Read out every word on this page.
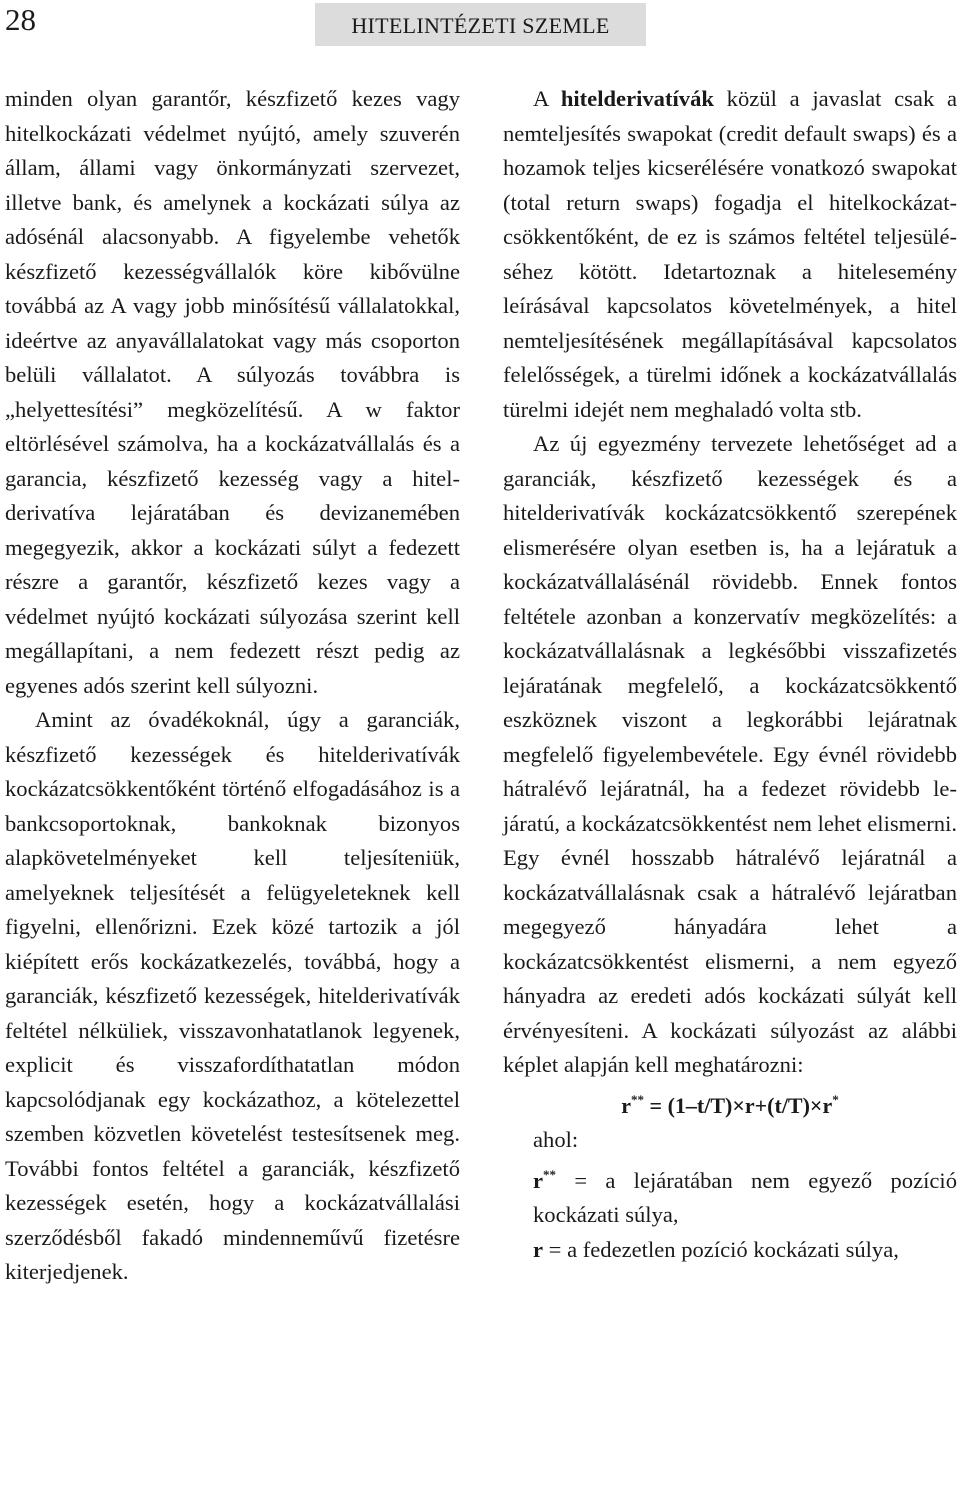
28	HITELINTÉZETI SZEMLE

minden olyan garantőr, készfizető kezes vagy hitelkockázati védelmet nyújtó, amely szuverén állam, állami vagy önkormányzati szervezet, illetve bank, és amelynek a kockázati súlya az adósénál alacsonyabb. A figyelembe vehetők készfizető kezességvállalók köre kibővülne továbbá az A vagy jobb minősítésű vállalatokkal, ideértve az anyavállalatokat vagy más csoporton belüli vállalatot. A súlyozás továbbra is „helyettesítési” megközelítésű. A w faktor eltörlésével számolva, ha a kockázatvállalás és a garancia, készfizető kezesség vagy a hitelderivatíva lejáratában és devizanemében megegyezik, akkor a kockázati súlyt a fedezett részre a garantőr, készfizető kezes vagy a védelmet nyújtó kockázati súlyozása szerint kell megállapítani, a nem fedezett részt pedig az egyenes adós szerint kell súlyozni.

Amint az óvadékoknál, úgy a garanciák, készfizető kezességek és hitelderivatívák kockázatcsökkentőként történő elfogadásához is a bankcsoportoknak, bankoknak bizonyos alapkövetelményeket kell teljesíteniük, amelyeknek teljesítését a felügyeleteknek kell figyelni, ellenőrizni. Ezek közé tartozik a jól kiépített erős kockázatkezelés, továbbá, hogy a garanciák, készfizető kezességek, hitelderivatívák feltétel nélküliek, visszavonhatatlanok legyenek, explicit és visszafordíthatatlan módon kapcsolódjanak egy kockázathoz, a kötelezettel szemben közvetlen követelést testesítsenek meg. További fontos feltétel a garanciák, készfizető kezességek esetén, hogy a kockázatvállalási szerződésből fakadó mindenneművű fizetésre kiterjedjenek.

A hitelderivatívák közül a javaslat csak a nemteljesítés swapokat (credit default swaps) és a hozamok teljes kicserélésére vonatkozó swapokat (total return swaps) fogadja el hitelkockázat-csökkentőként, de ez is számos feltétel teljesüléséhez kötött. Idetartoznak a hitelesemény leírásával kapcsolatos követelmények, a hitel nemteljesítésének megállapításával kapcsolatos felelősségek, a türelmi időnek a kockázatvállalás türelmi idejét nem meghaladó volta stb.

Az új egyezmény tervezete lehetőséget ad a garanciák, készfizető kezességek és a hitelderivatívák kockázatcsökkentő szerepének elismerésére olyan esetben is, ha a lejáratuk a kockázatvállalásénál rövidebb. Ennek fontos feltétele azonban a konzervatív megközelítés: a kockázatvállalásnak a legkésőbbi visszafizetés lejáratának megfelelő, a kockázatcsökkentő eszköznek viszont a legkorábbi lejáratnak megfelelő figyelembevétele. Egy évnél rövidebb hátralévő lejáratnál, ha a fedezet rövidebb lejáratú, a kockázatcsökkentést nem lehet elismerni. Egy évnél hosszabb hátralévő lejáratnál a kockázatvállalásnak csak a hátralévő lejáratban megegyező hányadára lehet a kockázatcsökkentést elismerni, a nem egyező hányadra az eredeti adós kockázati súlyát kell érvényesíteni. A kockázati súlyozást az alábbi képlet alapján kell meghatározni:

r** = (1–t/T)×r+(t/T)×r*

ahol:

r** = a lejáratában nem egyező pozíció kockázati súlya,

r = a fedezetlen pozíció kockázati súlya,
